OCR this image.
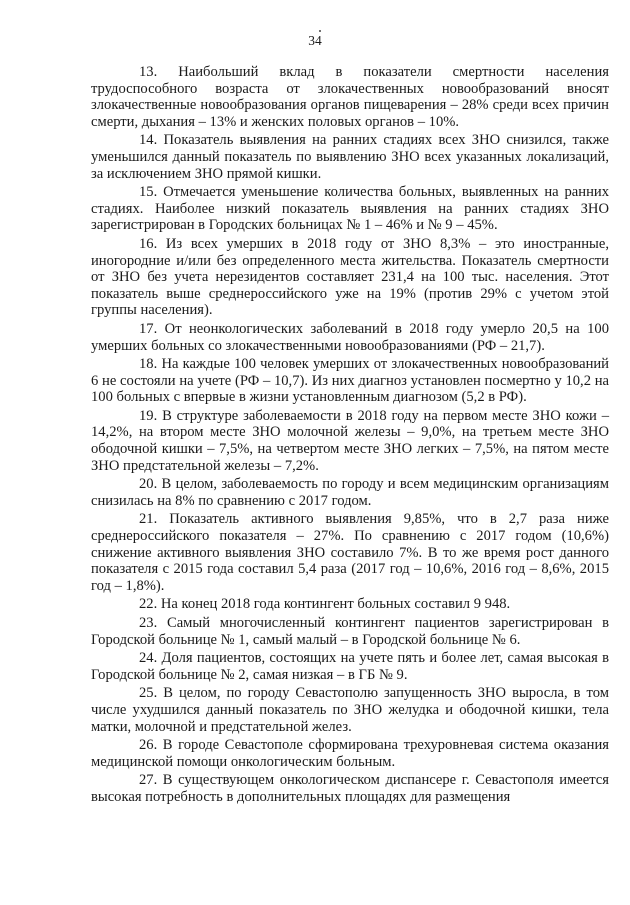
34

13. Наибольший вклад в показатели смертности населения трудоспособного возраста от злокачественных новообразований вносят злокачественные новообразования органов пищеварения – 28% среди всех причин смерти, дыхания – 13% и женских половых органов – 10%.

14. Показатель выявления на ранних стадиях всех ЗНО снизился, также уменьшился данный показатель по выявлению ЗНО всех указанных локализаций, за исключением ЗНО прямой кишки.

15. Отмечается уменьшение количества больных, выявленных на ранних стадиях. Наиболее низкий показатель выявления на ранних стадиях ЗНО зарегистрирован в Городских больницах № 1 – 46% и № 9 – 45%.

16. Из всех умерших в 2018 году от ЗНО 8,3% – это иностранные, иногородние и/или без определенного места жительства. Показатель смертности от ЗНО без учета нерезидентов составляет 231,4 на 100 тыс. населения. Этот показатель выше среднероссийского уже на 19% (против 29% с учетом этой группы населения).

17. От неонкологических заболеваний в 2018 году умерло 20,5 на 100 умерших больных со злокачественными новообразованиями (РФ – 21,7).

18. На каждые 100 человек умерших от злокачественных новообразований 6 не состояли на учете (РФ – 10,7). Из них диагноз установлен посмертно у 10,2 на 100 больных с впервые в жизни установленным диагнозом (5,2 в РФ).

19. В структуре заболеваемости в 2018 году на первом месте ЗНО кожи – 14,2%, на втором месте ЗНО молочной железы – 9,0%, на третьем месте ЗНО ободочной кишки – 7,5%, на четвертом месте ЗНО легких – 7,5%, на пятом месте ЗНО предстательной железы – 7,2%.

20. В целом, заболеваемость по городу и всем медицинским организациям снизилась на 8% по сравнению с 2017 годом.

21. Показатель активного выявления 9,85%, что в 2,7 раза ниже среднероссийского показателя – 27%. По сравнению с 2017 годом (10,6%) снижение активного выявления ЗНО составило 7%. В то же время рост данного показателя с 2015 года составил 5,4 раза (2017 год – 10,6%, 2016 год – 8,6%, 2015 год – 1,8%).

22. На конец 2018 года контингент больных составил 9 948.

23. Самый многочисленный контингент пациентов зарегистрирован в Городской больнице № 1, самый малый – в Городской больнице № 6.

24. Доля пациентов, состоящих на учете пять и более лет, самая высокая в Городской больнице № 2, самая низкая – в ГБ № 9.

25. В целом, по городу Севастополю запущенность ЗНО выросла, в том числе ухудшился данный показатель по ЗНО желудка и ободочной кишки, тела матки, молочной и предстательной желез.

26. В городе Севастополе сформирована трехуровневая система оказания медицинской помощи онкологическим больным.

27. В существующем онкологическом диспансере г. Севастополя имеется высокая потребность в дополнительных площадях для размещения
